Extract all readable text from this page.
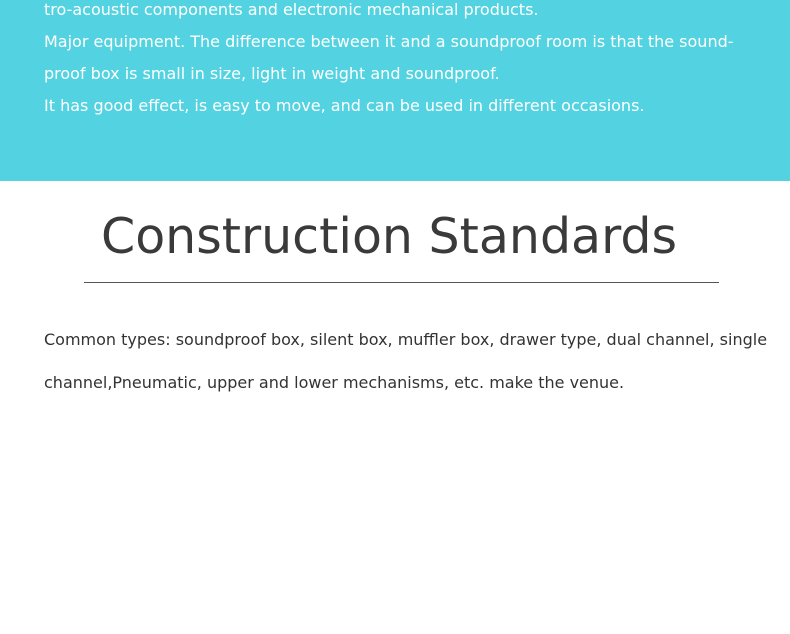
tro-acoustic components and electronic mechanical products.

Major equipment. The difference between it and a soundproof room is that the sound-

proof box is small in size, light in weight and soundproof.

It has good effect, is easy to move, and can be used in different occasions.

Construction Standards

Common types: soundproof box, silent box, muffler box, drawer type, dual channel, single

channel,Pneumatic, upper and lower mechanisms, etc. make the venue.
